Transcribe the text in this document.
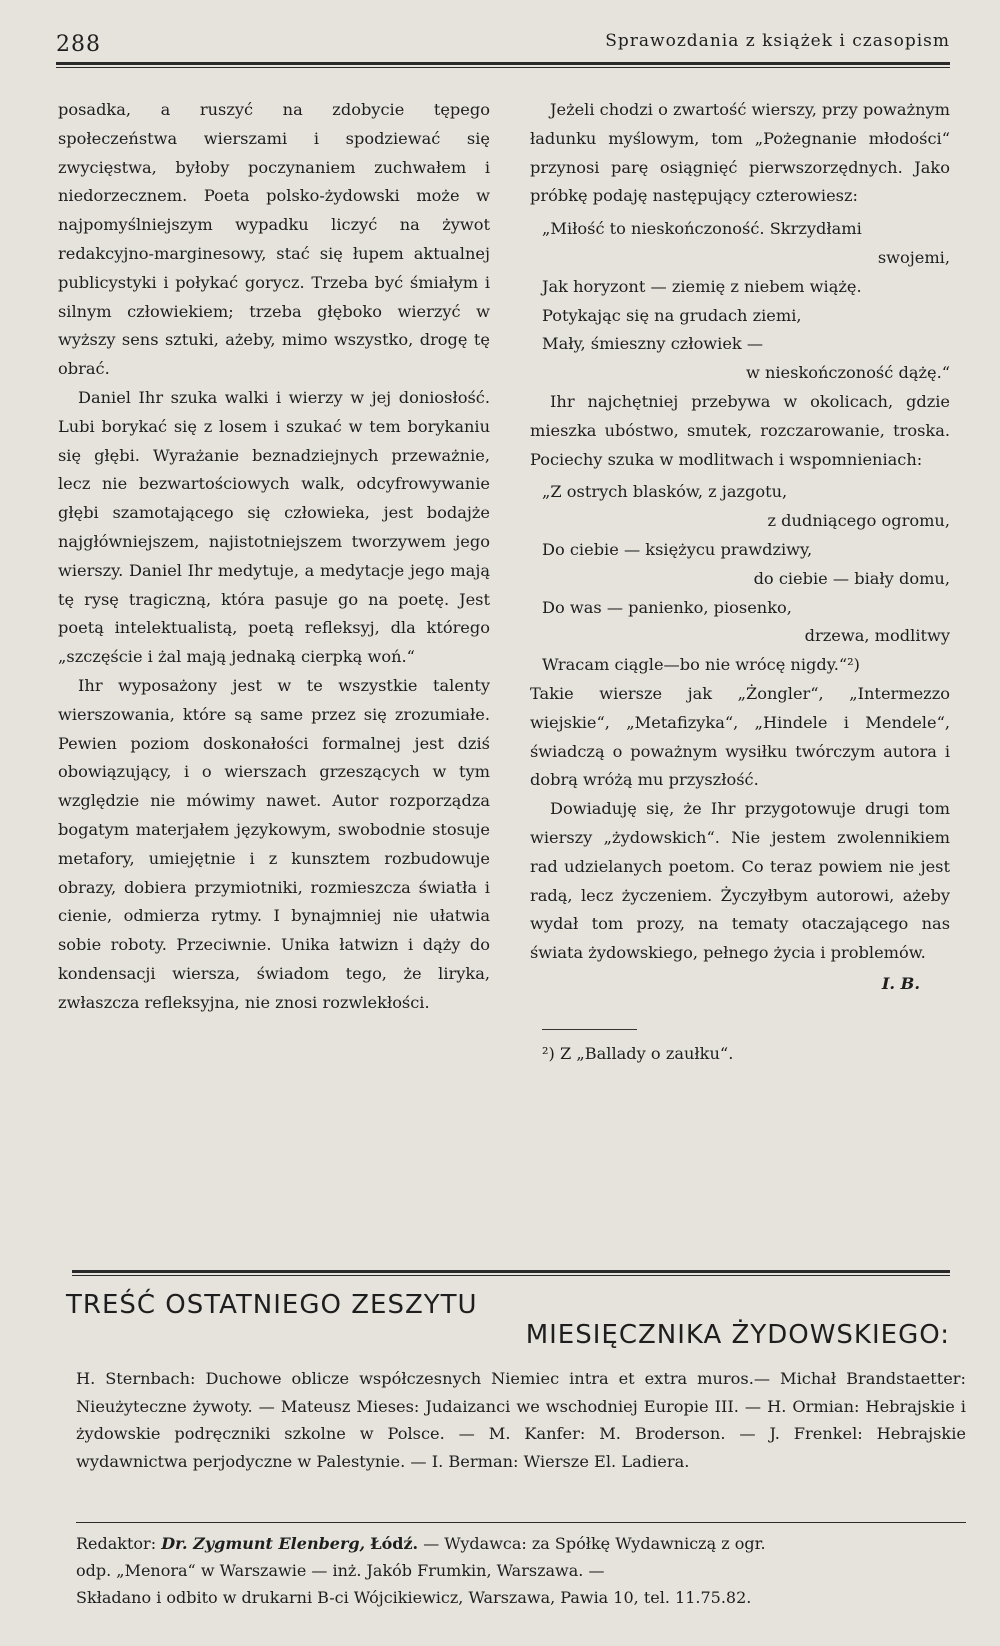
288	Sprawozdania z książek i czasopism

posadka, a ruszyć na zdobycie tępego społeczeństwa wierszami i spodziewać się zwycięstwa, byłoby poczynaniem zuchwałem i niedorzecznem. Poeta polsko-żydowski może w najpomyślniejszym wypadku liczyć na żywot redakcyjno-marginesowy, stać się łupem aktualnej publicystyki i połykać gorycz. Trzeba być śmiałym i silnym człowiekiem; trzeba głęboko wierzyć w wyższy sens sztuki, ażeby, mimo wszystko, drogę tę obrać.

Daniel Ihr szuka walki i wierzy w jej doniosłość. Lubi borykać się z losem i szukać w tem borykaniu się głębi. Wyrażanie beznadziejnych przeważnie, lecz nie bezwartościowych walk, odcyfrowywanie głębi szamotającego się człowieka, jest bodajże najgłówniejszem, najistotniejszem tworzywem jego wierszy. Daniel Ihr medytuje, a medytacje jego mają tę rysę tragiczną, która pasuje go na poetę. Jest poetą intelektualistą, poetą refleksyj, dla którego „szczęście i żal mają jednaką cierpką woń.“

Ihr wyposażony jest w te wszystkie talenty wierszowania, które są same przez się zrozumiałe. Pewien poziom doskonałości formalnej jest dziś obowiązujący, i o wierszach grzeszących w tym względzie nie mówimy nawet. Autor rozporządza bogatym materjałem językowym, swobodnie stosuje metafory, umiejętnie i z kunsztem rozbudowuje obrazy, dobiera przymiotniki, rozmieszcza światła i cienie, odmierza rytmy. I bynajmniej nie ułatwia sobie roboty. Przeciwnie. Unika łatwizn i dąży do kondensacji wiersza, świadom tego, że liryka, zwłaszcza refleksyjna, nie znosi rozwlekłości.

Jeżeli chodzi o zwartość wierszy, przy poważnym ładunku myślowym, tom „Pożegnanie młodości“ przynosi parę osiągnięć pierwszorzędnych. Jako próbkę podaję następujący czterowiesz:

„Miłość to nieskończoność. Skrzydłami
swojemi,
Jak horyzont — ziemię z niebem wiążę.
Potykając się na grudach ziemi,
Mały, śmieszny człowiek —
w nieskończoność dążę.“

Ihr najchętniej przebywa w okolicach, gdzie mieszka ubóstwo, smutek, rozczarowanie, troska. Pociechy szuka w modlitwach i wspomnieniach:

„Z ostrych blasków, z jazgotu,
z dudniącego ogromu,
Do ciebie — księżycu prawdziwy,
do ciebie — biały domu,
Do was — panienko, piosenko,
drzewa, modlitwy
Wracam ciągle—bo nie wrócę nigdy.“²)

Takie wiersze jak „Żongler“, „Intermezzo wiejskie“, „Metafizyka“, „Hindele i Mendele“, świadczą o poważnym wysiłku twórczym autora i dobrą wróżą mu przyszłość.

Dowiaduję się, że Ihr przygotowuje drugi tom wierszy „żydowskich“. Nie jestem zwolennikiem rad udzielanych poetom. Co teraz powiem nie jest radą, lecz życzeniem. Życzyłbym autorowi, ażeby wydał tom prozy, na tematy otaczającego nas świata żydowskiego, pełnego życia i problemów.

I. B.
²) Z „Ballady o zaułku“.
TREŚĆ OSTATNIEGO ZESZYTU
MIESIĘCZNIKA ŻYDOWSKIEGO:
H. Sternbach: Duchowe oblicze współczesnych Niemiec intra et extra muros.— Michał Brandstaetter: Nieużyteczne żywoty. — Mateusz Mieses: Judaizanci we wschodniej Europie III. — H. Ormian: Hebrajskie i żydowskie podręczniki szkolne w Polsce. — M. Kanfer: M. Broderson. — J. Frenkel: Hebrajskie wydawnictwa perjodyczne w Palestynie. — I. Berman: Wiersze El. Ladiera.
Redaktor: Dr. Zygmunt Elenberg, Łódź. — Wydawca: za Spółkę Wydawniczą z ogr.
odp. „Menora“ w Warszawie — inż. Jakób Frumkin, Warszawa. —
Składano i odbito w drukarni B-ci Wójcikiewicz, Warszawa, Pawia 10, tel. 11.75.82.
